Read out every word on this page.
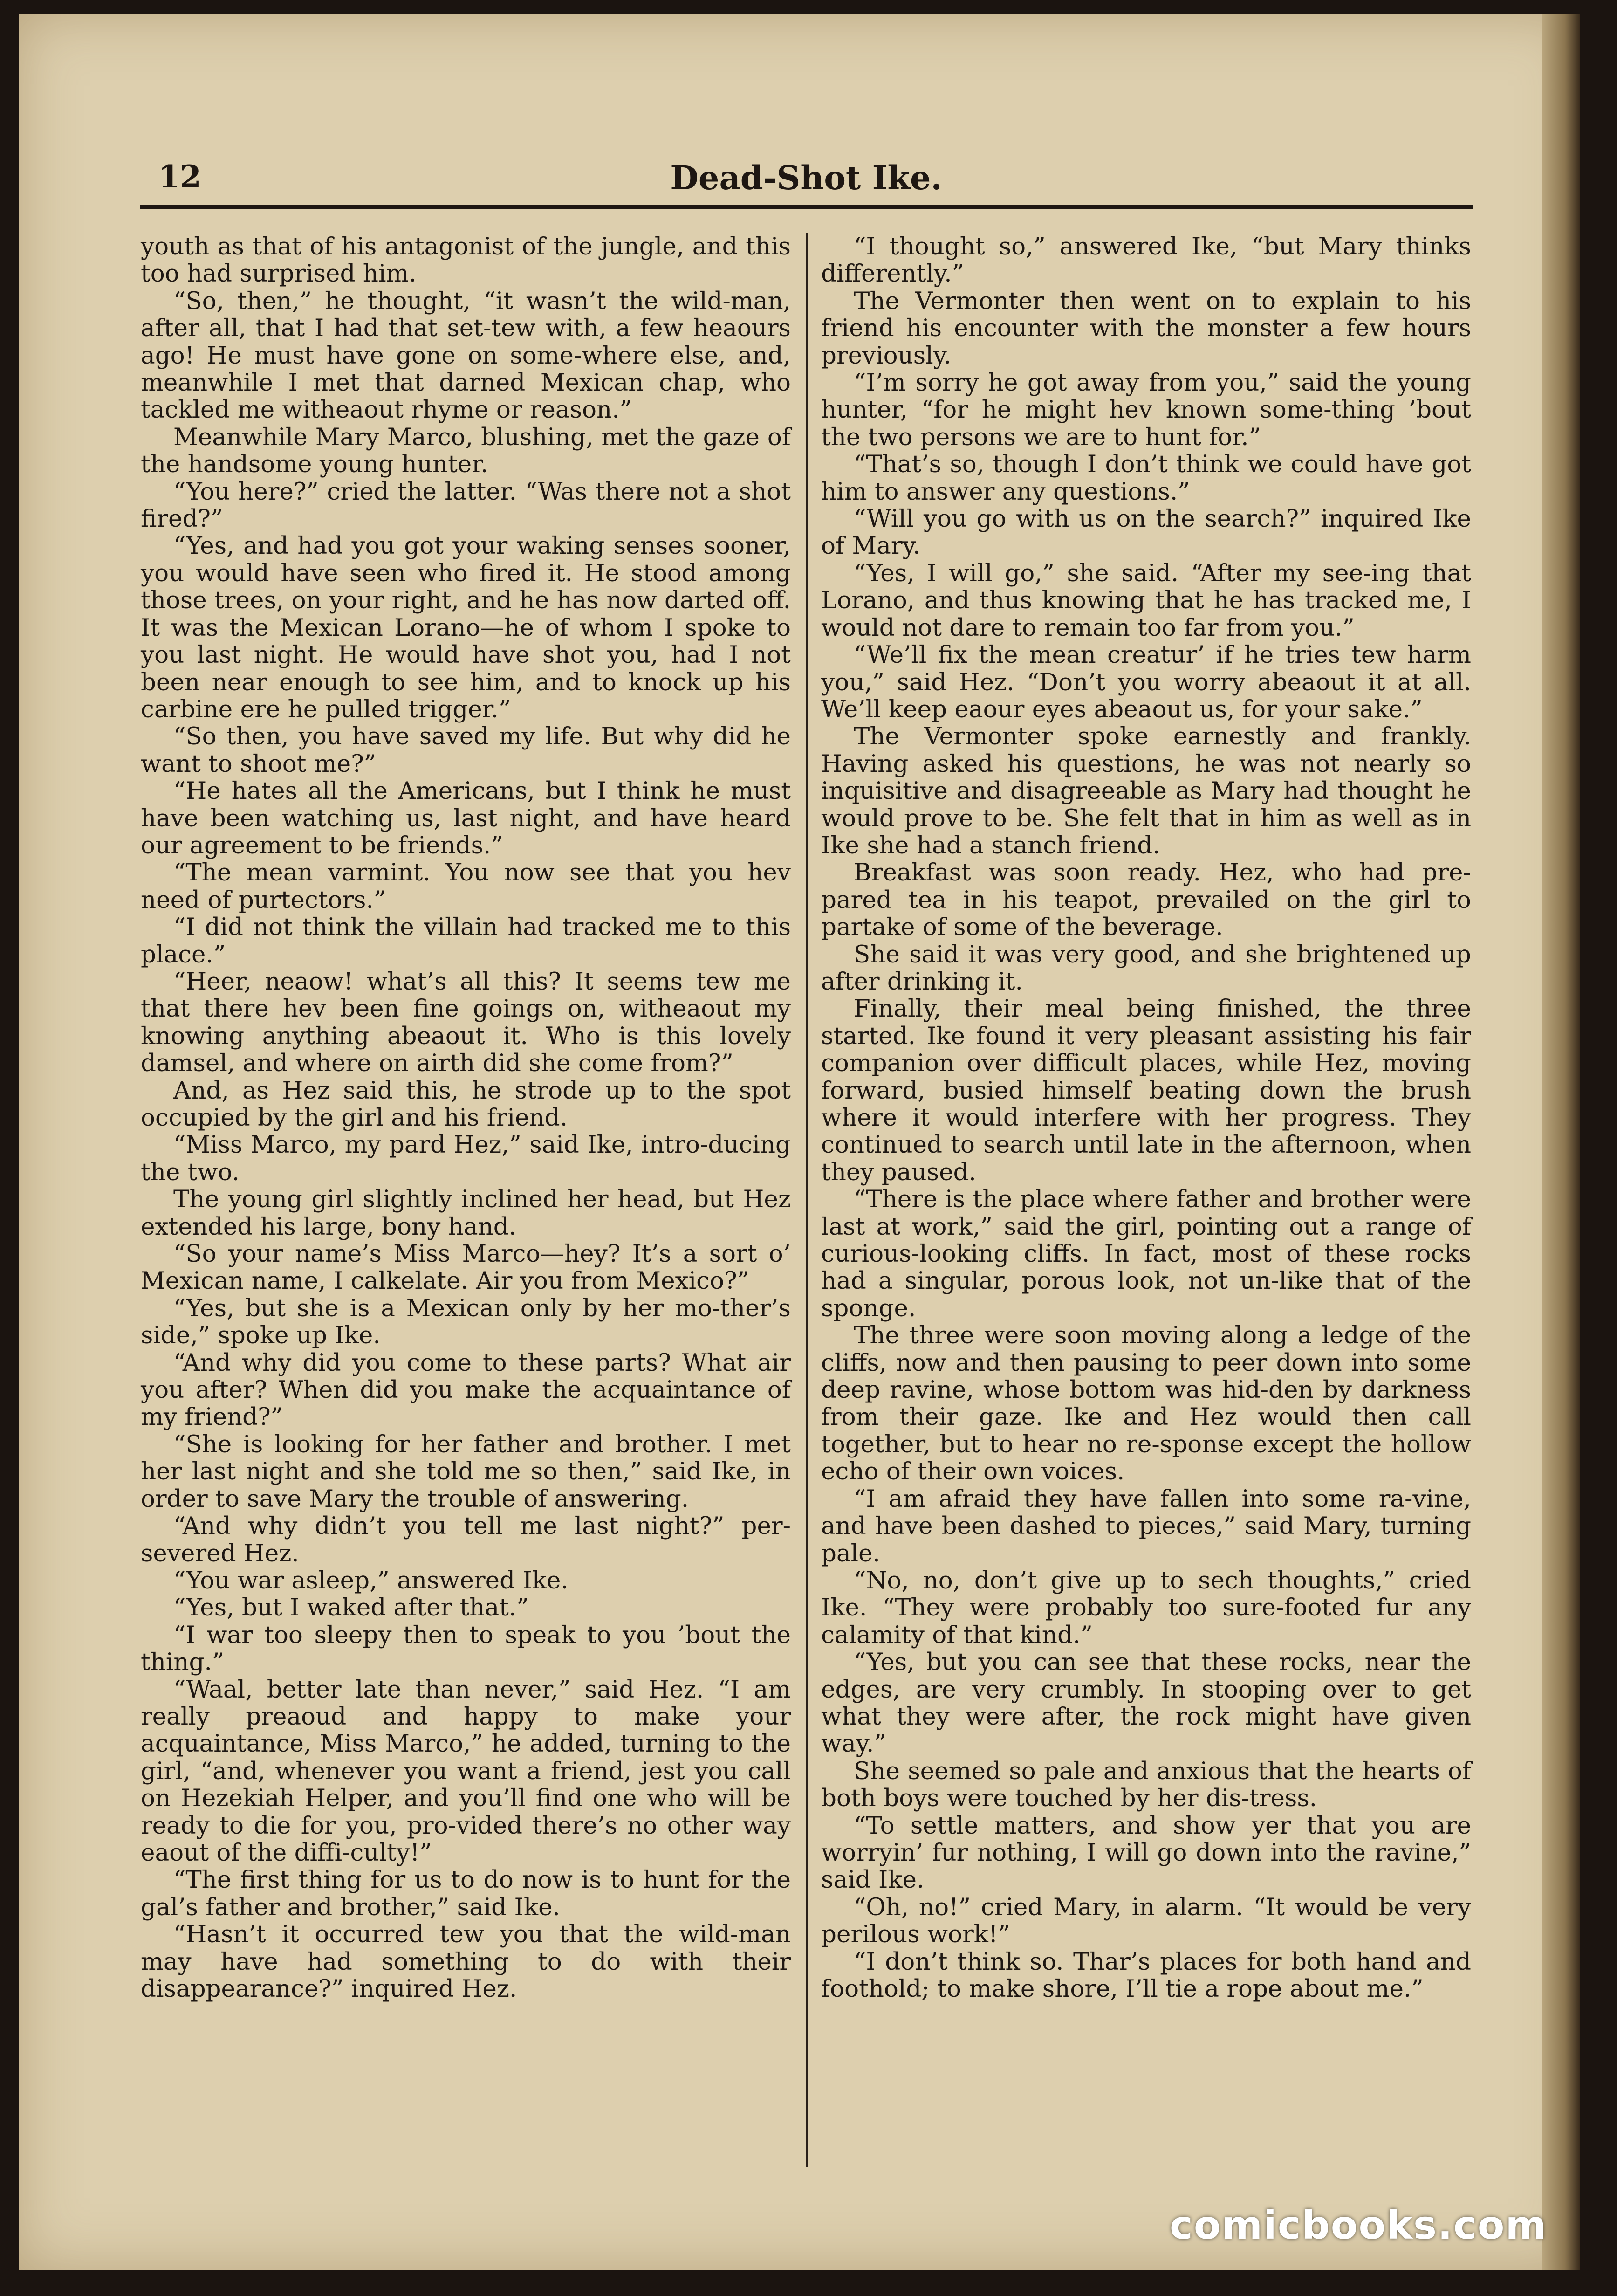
12	Dead-Shot Ike.

youth as that of his antagonist of the jungle, and this too had surprised him.

“So, then,” he thought, “it wasn’t the wild-man, after all, that I had that set-tew with, a few heaours ago! He must have gone on some-where else, and, meanwhile I met that darned Mexican chap, who tackled me witheaout rhyme or reason.”

Meanwhile Mary Marco, blushing, met the gaze of the handsome young hunter.

“You here?” cried the latter. “Was there not a shot fired?”

“Yes, and had you got your waking senses sooner, you would have seen who fired it. He stood among those trees, on your right, and he has now darted off. It was the Mexican Lorano—he of whom I spoke to you last night. He would have shot you, had I not been near enough to see him, and to knock up his carbine ere he pulled trigger.”

“So then, you have saved my life. But why did he want to shoot me?”

“He hates all the Americans, but I think he must have been watching us, last night, and have heard our agreement to be friends.”

“The mean varmint. You now see that you hev need of purtectors.”

“I did not think the villain had tracked me to this place.”

“Heer, neaow! what’s all this? It seems tew me that there hev been fine goings on, witheaout my knowing anything abeaout it. Who is this lovely damsel, and where on airth did she come from?”

And, as Hez said this, he strode up to the spot occupied by the girl and his friend.

“Miss Marco, my pard Hez,” said Ike, intro-ducing the two.

The young girl slightly inclined her head, but Hez extended his large, bony hand.

“So your name’s Miss Marco—hey? It’s a sort o’ Mexican name, I calkelate. Air you from Mexico?”

“Yes, but she is a Mexican only by her mo-ther’s side,” spoke up Ike.

“And why did you come to these parts? What air you after? When did you make the acquaintance of my friend?”

“She is looking for her father and brother. I met her last night and she told me so then,” said Ike, in order to save Mary the trouble of answering.

“And why didn’t you tell me last night?” per-severed Hez.

“You war asleep,” answered Ike.

“Yes, but I waked after that.”

“I war too sleepy then to speak to you ’bout the thing.”

“Waal, better late than never,” said Hez. “I am really preaoud and happy to make your acquaintance, Miss Marco,” he added, turning to the girl, “and, whenever you want a friend, jest you call on Hezekiah Helper, and you’ll find one who will be ready to die for you, pro-vided there’s no other way eaout of the diffi-culty!”

“The first thing for us to do now is to hunt for the gal’s father and brother,” said Ike.

“Hasn’t it occurred tew you that the wild-man may have had something to do with their disappearance?” inquired Hez.

“I thought so,” answered Ike, “but Mary thinks differently.”

The Vermonter then went on to explain to his friend his encounter with the monster a few hours previously.

“I’m sorry he got away from you,” said the young hunter, “for he might hev known some-thing ’bout the two persons we are to hunt for.”

“That’s so, though I don’t think we could have got him to answer any questions.”

“Will you go with us on the search?” inquired Ike of Mary.

“Yes, I will go,” she said. “After my see-ing that Lorano, and thus knowing that he has tracked me, I would not dare to remain too far from you.”

“We’ll fix the mean creatur’ if he tries tew harm you,” said Hez. “Don’t you worry abeaout it at all. We’ll keep eaour eyes abeaout us, for your sake.”

The Vermonter spoke earnestly and frankly. Having asked his questions, he was not nearly so inquisitive and disagreeable as Mary had thought he would prove to be. She felt that in him as well as in Ike she had a stanch friend.

Breakfast was soon ready. Hez, who had pre-pared tea in his teapot, prevailed on the girl to partake of some of the beverage.

She said it was very good, and she brightened up after drinking it.

Finally, their meal being finished, the three started. Ike found it very pleasant assisting his fair companion over difficult places, while Hez, moving forward, busied himself beating down the brush where it would interfere with her progress. They continued to search until late in the afternoon, when they paused.

“There is the place where father and brother were last at work,” said the girl, pointing out a range of curious-looking cliffs. In fact, most of these rocks had a singular, porous look, not un-like that of the sponge.

The three were soon moving along a ledge of the cliffs, now and then pausing to peer down into some deep ravine, whose bottom was hid-den by darkness from their gaze. Ike and Hez would then call together, but to hear no re-sponse except the hollow echo of their own voices.

“I am afraid they have fallen into some ra-vine, and have been dashed to pieces,” said Mary, turning pale.

“No, no, don’t give up to sech thoughts,” cried Ike. “They were probably too sure-footed fur any calamity of that kind.”

“Yes, but you can see that these rocks, near the edges, are very crumbly. In stooping over to get what they were after, the rock might have given way.”

She seemed so pale and anxious that the hearts of both boys were touched by her dis-tress.

“To settle matters, and show yer that you are worryin’ fur nothing, I will go down into the ravine,” said Ike.

“Oh, no!” cried Mary, in alarm. “It would be very perilous work!”

“I don’t think so. Thar’s places for both hand and foothold; to make shore, I’ll tie a rope about me.”

comicbooks.com
